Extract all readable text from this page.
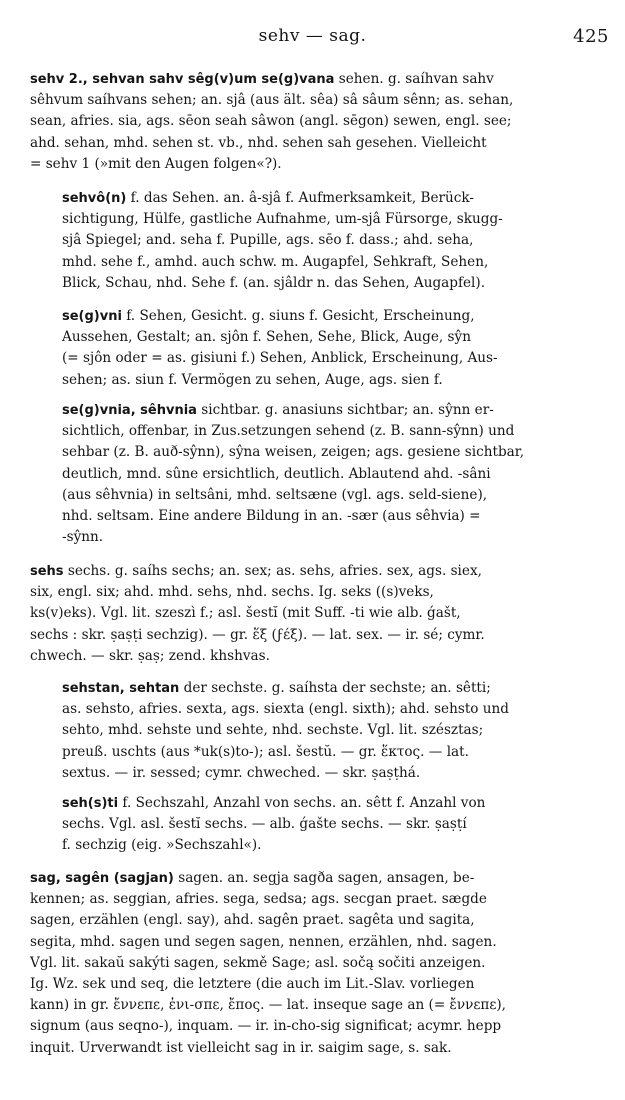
sehv — sag.	425

sehv 2., sehvan sahv sêg(v)um se(g)vana sehen. g. saíhvan sahv
sêhvum saíhvans sehen; an. sjâ (aus ält. sêa) sâ sâum sênn; as. sehan,
sean, afries. sia, ags. sēon seah sâwon (angl. sēgon) sewen, engl. see;
ahd. sehan, mhd. sehen st. vb., nhd. sehen sah gesehen. Vielleicht
= sehv 1 (»mit den Augen folgen«?).

sehvô(n) f. das Sehen. an. â-sjâ f. Aufmerksamkeit, Berück-
sichtigung, Hülfe, gastliche Aufnahme, um-sjâ Fürsorge, skugg-
sjâ Spiegel; and. seha f. Pupille, ags. sēo f. dass.; ahd. seha,
mhd. sehe f., amhd. auch schw. m. Augapfel, Sehkraft, Sehen,
Blick, Schau, nhd. Sehe f. (an. sjâldr n. das Sehen, Augapfel).

se(g)vni f. Sehen, Gesicht. g. siuns f. Gesicht, Erscheinung,
Aussehen, Gestalt; an. sjôn f. Sehen, Sehe, Blick, Auge, sŷn
(= sjôn oder = as. gisiuni f.) Sehen, Anblick, Erscheinung, Aus-
sehen; as. siun f. Vermögen zu sehen, Auge, ags. sien f.

se(g)vnia, sêhvnia sichtbar. g. anasiuns sichtbar; an. sŷnn er-
sichtlich, offenbar, in Zus.setzungen sehend (z. B. sann-sŷnn) und
sehbar (z. B. auð-sŷnn), sŷna weisen, zeigen; ags. gesiene sichtbar,
deutlich, mnd. sûne ersichtlich, deutlich. Ablautend ahd. -sâni
(aus sêhvnia) in seltsâni, mhd. seltsæne (vgl. ags. seld-siene),
nhd. seltsam. Eine andere Bildung in an. -sær (aus sêhvia) =
-sŷnn.

sehs sechs. g. saíhs sechs; an. sex; as. sehs, afries. sex, ags. siex,
six, engl. six; ahd. mhd. sehs, nhd. sechs. Ig. seks ((s)veks,
ks(v)eks). Vgl. lit. szeszì f.; asl. šestĭ (mit Suff. -ti wie alb. ǵašt,
sechs : skr. ṣaṣṭi sechzig). — gr. ἕξ (ϝέξ). — lat. sex. — ir. sé; cymr.
chwech. — skr. ṣaṣ; zend. khshvas.

sehstan, sehtan der sechste. g. saíhsta der sechste; an. sêtti;
as. sehsto, afries. sexta, ags. siexta (engl. sixth); ahd. sehsto und
sehto, mhd. sehste und sehte, nhd. sechste. Vgl. lit. szésztas;
preuß. uschts (aus *uk(s)to-); asl. šestŭ. — gr. ἕκτος. — lat.
sextus. — ir. sessed; cymr. chweched. — skr. ṣaṣṭhá.

seh(s)ti f. Sechszahl, Anzahl von sechs. an. sêtt f. Anzahl von
sechs. Vgl. asl. šestĭ sechs. — alb. ǵašte sechs. — skr. ṣaṣṭí
f. sechzig (eig. »Sechszahl«).

sag, sagên (sagjan) sagen. an. segja sagða sagen, ansagen, be-
kennen; as. seggian, afries. sega, sedsa; ags. secgan praet. sægde
sagen, erzählen (engl. say), ahd. sagên praet. sagêta und sagita,
segita, mhd. sagen und segen sagen, nennen, erzählen, nhd. sagen.
Vgl. lit. sakaŭ sakýti sagen, sekmě Sage; asl. sočą sočiti anzeigen.
Ig. Wz. sek und seq, die letztere (die auch im Lit.-Slav. vorliegen
kann) in gr. ἔννεπε, ἐνι-σπε, ἔπος. — lat. inseque sage an (= ἔννεπε),
signum (aus seqno-), inquam. — ir. in-cho-sig significat; acymr. hepp
inquit. Urverwandt ist vielleicht sag in ir. saigim sage, s. sak.
